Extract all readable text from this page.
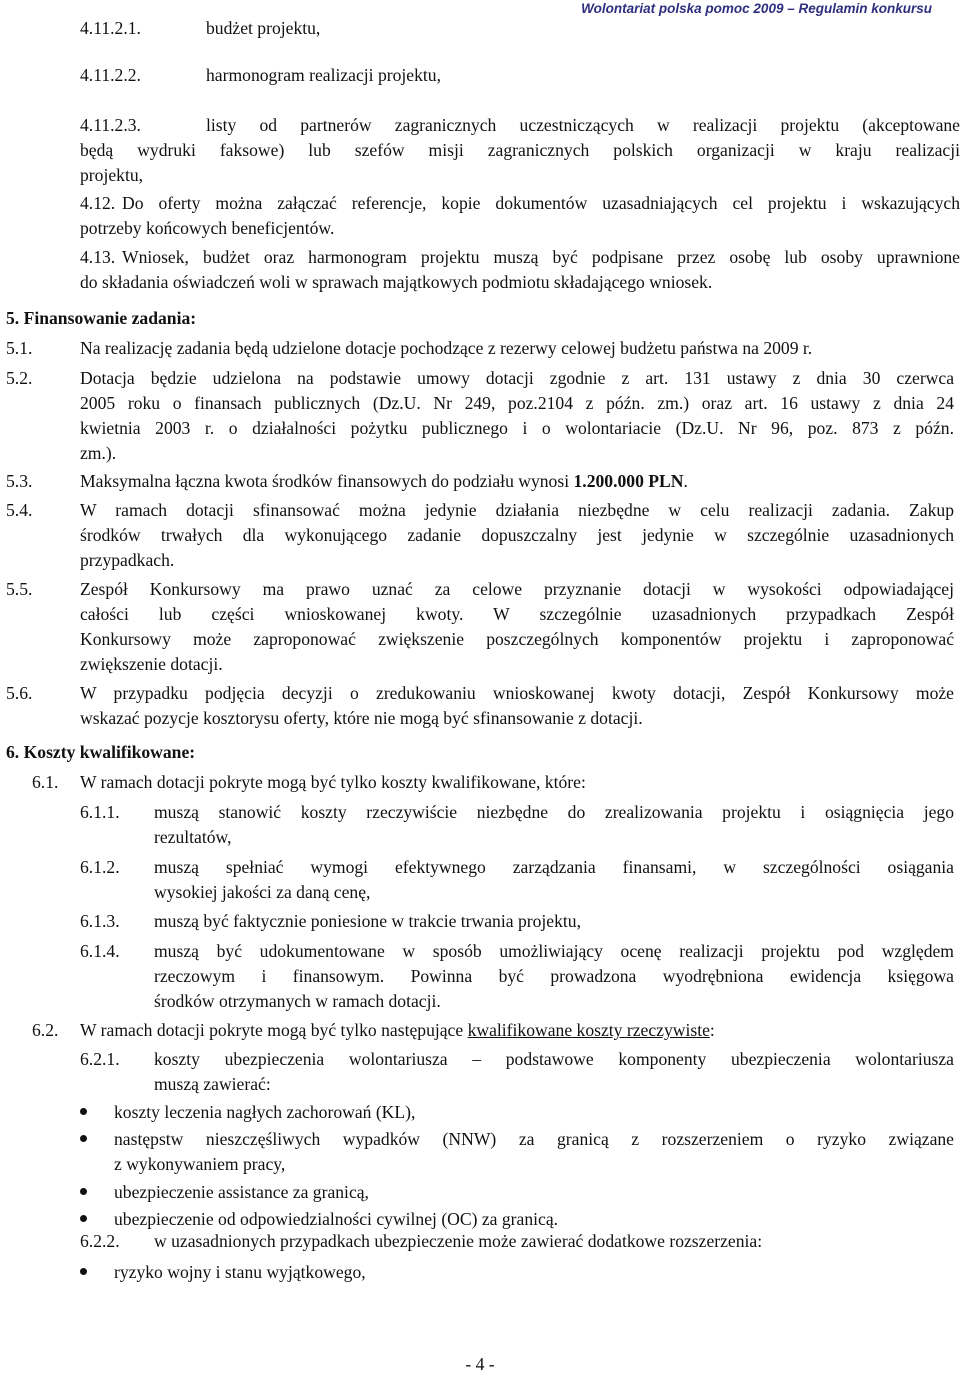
Wolontariat polska pomoc 2009 – Regulamin konkursu
4.11.2.1.	budżet projektu,
4.11.2.2.	harmonogram realizacji projektu,
4.11.2.3.	listy od partnerów zagranicznych uczestniczących w realizacji projektu (akceptowane
będą wydruki faksowe) lub szefów misji zagranicznych polskich organizacji w kraju realizacji
projektu,
4.12. Do oferty można załączać referencje, kopie dokumentów uzasadniających cel projektu i wskazujących
potrzeby końcowych beneficjentów.
4.13. Wniosek, budżet oraz harmonogram projektu muszą być podpisane przez osobę lub osoby uprawnione
do składania oświadczeń woli w sprawach majątkowych podmiotu składającego wniosek.
5. Finansowanie zadania:
5.1.	Na realizację zadania będą udzielone dotacje pochodzące z rezerwy celowej budżetu państwa na 2009 r.
5.2.	Dotacja będzie udzielona na podstawie umowy dotacji zgodnie z art. 131 ustawy z dnia 30 czerwca
2005 roku o finansach publicznych (Dz.U. Nr 249, poz.2104 z późn. zm.) oraz art. 16 ustawy z dnia 24
kwietnia 2003 r. o działalności pożytku publicznego i o wolontariacie (Dz.U. Nr 96, poz. 873 z późn.
zm.).
5.3.	Maksymalna łączna kwota środków finansowych do podziału wynosi 1.200.000 PLN.
5.4.	W ramach dotacji sfinansować można jedynie działania niezbędne w celu realizacji zadania. Zakup
środków trwałych dla wykonującego zadanie dopuszczalny jest jedynie w szczególnie uzasadnionych
przypadkach.
5.5.	Zespół Konkursowy ma prawo uznać za celowe przyznanie dotacji w wysokości odpowiadającej
całości lub części wnioskowanej kwoty. W szczególnie uzasadnionych przypadkach Zespół
Konkursowy może zaproponować zwiększenie poszczególnych komponentów projektu i zaproponować
zwiększenie dotacji.
5.6.	W przypadku podjęcia decyzji o zredukowaniu wnioskowanej kwoty dotacji, Zespół Konkursowy może
wskazać pozycje kosztorysu oferty, które nie mogą być sfinansowanie z dotacji.
6. Koszty kwalifikowane:
6.1. W ramach dotacji pokryte mogą być tylko koszty kwalifikowane, które:
6.1.1. muszą stanowić koszty rzeczywiście niezbędne do zrealizowania projektu i osiągnięcia jego
rezultatów,
6.1.2. muszą spełniać wymogi efektywnego zarządzania finansami, w szczególności osiągania
wysokiej jakości za daną cenę,
6.1.3. muszą być faktycznie poniesione w trakcie trwania projektu,
6.1.4. muszą być udokumentowane w sposób umożliwiający ocenę realizacji projektu pod względem
rzeczowym i finansowym. Powinna być prowadzona wyodrębniona ewidencja księgowa
środków otrzymanych w ramach dotacji.
6.2. W ramach dotacji pokryte mogą być tylko następujące kwalifikowane koszty rzeczywiste:
6.2.1. koszty ubezpieczenia wolontariusza – podstawowe komponenty ubezpieczenia wolontariusza
muszą zawierać:
koszty leczenia nagłych zachorowań (KL),
następstw nieszczęśliwych wypadków (NNW) za granicą z rozszerzeniem o ryzyko związane
z wykonywaniem pracy,
ubezpieczenie assistance za granicą,
ubezpieczenie od odpowiedzialności cywilnej (OC) za granicą.
6.2.2. w uzasadnionych przypadkach ubezpieczenie może zawierać dodatkowe rozszerzenia:
ryzyko wojny i stanu wyjątkowego,
- 4 -
